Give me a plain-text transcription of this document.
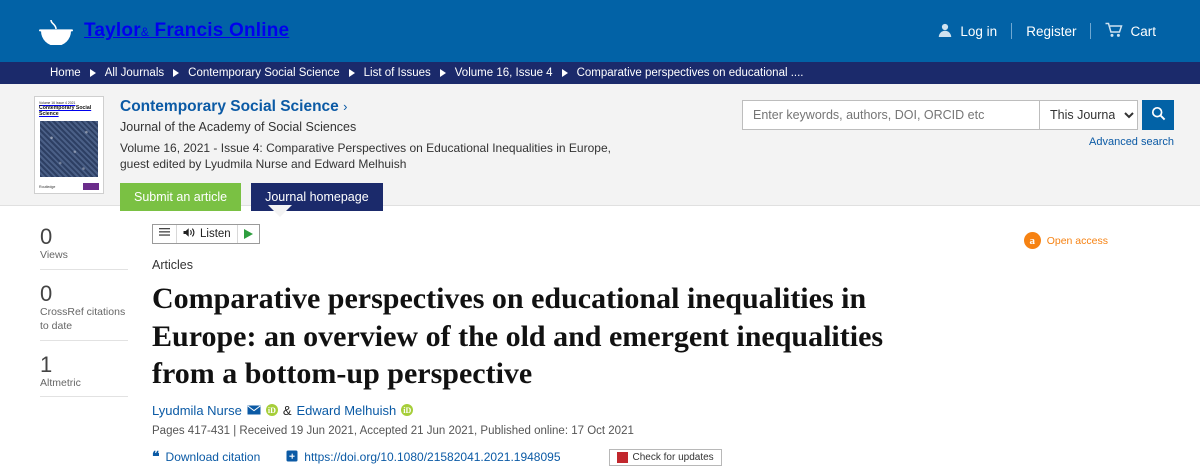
Taylor& Francis Online	Log in Register	Cart
Home All Journals Contemporary Social Science List of Issues Volume 16, Issue 4 Comparative perspectives on educational ....
Volume 16 Issue 4 2021
Contemporary Social Science
Routledge
Contemporary Social Science ›
Journal of the Academy of Social Sciences
Volume 16, 2021 - Issue 4: Comparative Perspectives on Educational Inequalities in Europe,
guest edited by Lyudmila Nurse and Edward Melhuish
Submit an article	Journal homepage
Enter keywords, authors, DOI, ORCID etc
This Journal
Advanced search
0
Views
0
CrossRef citations to date
1
Altmetric
Listen
a	Open access
Articles
Comparative perspectives on educational inequalities in Europe: an overview of the old and emergent inequalities from a bottom-up perspective
Lyudmila Nurse	iD & Edward Melhuish iD
Pages 417-431 | Received 19 Jun 2021, Accepted 21 Jun 2021, Published online: 17 Oct 2021
❝ Download citation	https://doi.org/10.1080/21582041.2021.1948095	Check for updates
